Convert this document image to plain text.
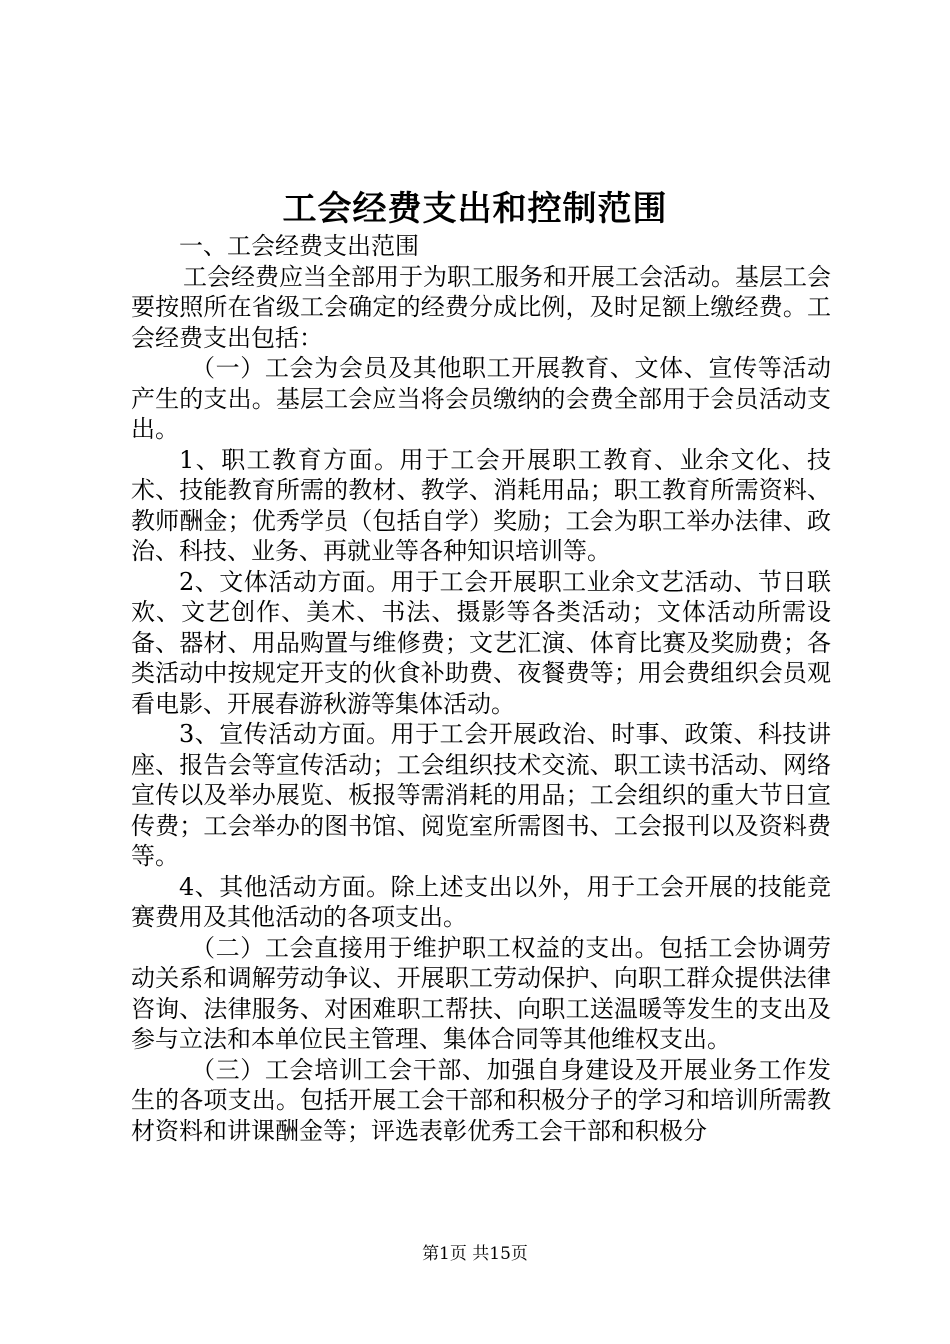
工会经费支出和控制范围

一、工会经费支出范围

工会经费应当全部用于为职工服务和开展工会活动。基层工会要按照所在省级工会确定的经费分成比例，及时足额上缴经费。工会经费支出包括：

（一）工会为会员及其他职工开展教育、文体、宣传等活动产生的支出。基层工会应当将会员缴纳的会费全部用于会员活动支出。

1、职工教育方面。用于工会开展职工教育、业余文化、技术、技能教育所需的教材、教学、消耗用品；职工教育所需资料、教师酬金；优秀学员（包括自学）奖励；工会为职工举办法律、政治、科技、业务、再就业等各种知识培训等。

2、文体活动方面。用于工会开展职工业余文艺活动、节日联欢、文艺创作、美术、书法、摄影等各类活动；文体活动所需设备、器材、用品购置与维修费；文艺汇演、体育比赛及奖励费；各类活动中按规定开支的伙食补助费、夜餐费等；用会费组织会员观看电影、开展春游秋游等集体活动。

3、宣传活动方面。用于工会开展政治、时事、政策、科技讲座、报告会等宣传活动；工会组织技术交流、职工读书活动、网络宣传以及举办展览、板报等需消耗的用品；工会组织的重大节日宣传费；工会举办的图书馆、阅览室所需图书、工会报刊以及资料费等。

4、其他活动方面。除上述支出以外，用于工会开展的技能竞赛费用及其他活动的各项支出。

（二）工会直接用于维护职工权益的支出。包括工会协调劳动关系和调解劳动争议、开展职工劳动保护、向职工群众提供法律咨询、法律服务、对困难职工帮扶、向职工送温暖等发生的支出及参与立法和本单位民主管理、集体合同等其他维权支出。

（三）工会培训工会干部、加强自身建设及开展业务工作发生的各项支出。包括开展工会干部和积极分子的学习和培训所需教材资料和讲课酬金等；评选表彰优秀工会干部和积极分

第1页 共15页
